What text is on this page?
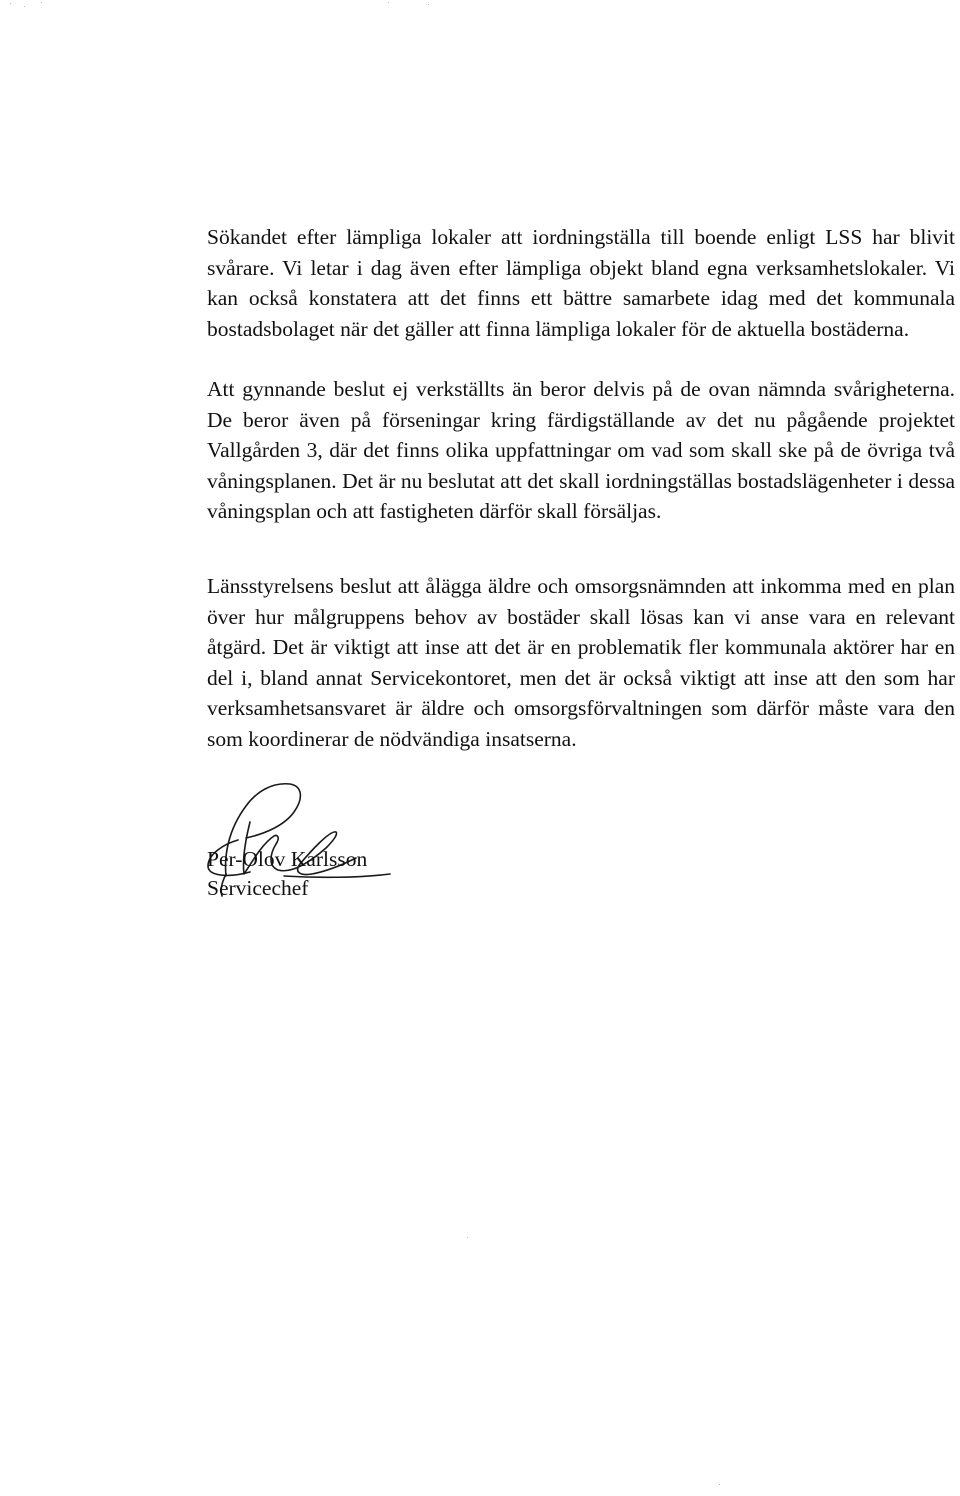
Sökandet efter lämpliga lokaler att iordningställa till boende enligt LSS har blivit svårare. Vi letar i dag även efter lämpliga objekt bland egna verksamhetslokaler. Vi kan också konstatera att det finns ett bättre samarbete idag med det kommunala bostadsbolaget när det gäller att finna lämpliga lokaler för de aktuella bostäderna.

Att gynnande beslut ej verkställts än beror delvis på de ovan nämnda svårigheterna. De beror även på förseningar kring färdigställande av det nu pågående projektet Vallgården 3, där det finns olika uppfattningar om vad som skall ske på de övriga två våningsplanen. Det är nu beslutat att det skall iordningställas bostadslägenheter i dessa våningsplan och att fastigheten därför skall försäljas.

Länsstyrelsens beslut att ålägga äldre och omsorgsnämnden att inkomma med en plan över hur målgruppens behov av bostäder skall lösas kan vi anse vara en relevant åtgärd. Det är viktigt att inse att det är en problematik fler kommunala aktörer har en del i, bland annat Servicekontoret, men det är också viktigt att inse att den som har verksamhetsansvaret är äldre och omsorgsförvaltningen som därför måste vara den som koordinerar de nödvändiga insatserna.

Per-Olov Karlsson

Servicechef
